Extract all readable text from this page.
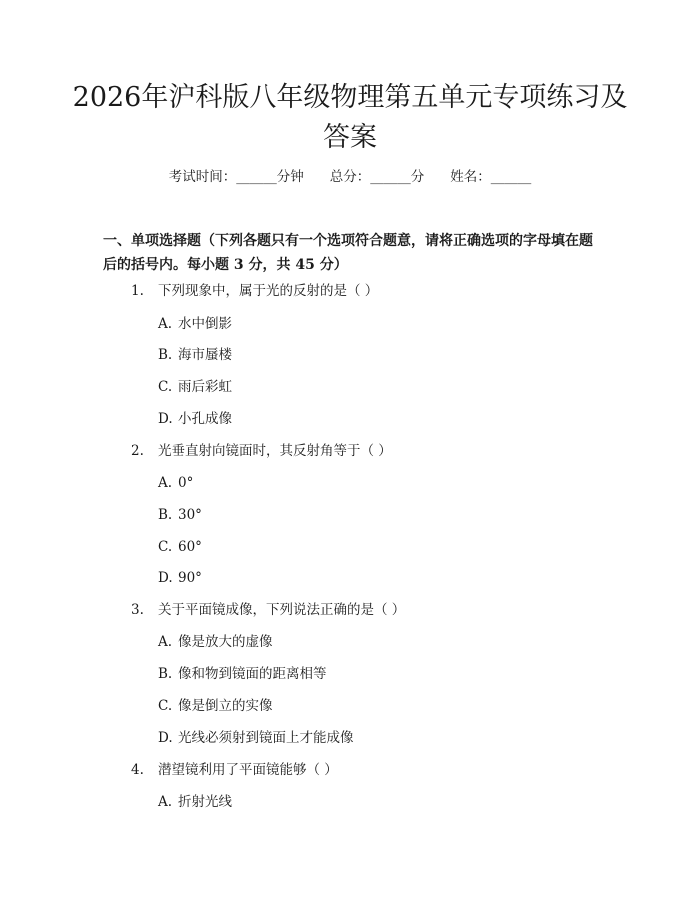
2026年沪科版八年级物理第五单元专项练习及答案
考试时间：______分钟 总分：______分 姓名：______

一、单项选择题（下列各题只有一个选项符合题意，请将正确选项的字母填在题后的括号内。每小题 3 分，共 45 分）

1. 下列现象中，属于光的反射的是（ ）
A. 水中倒影
B. 海市蜃楼
C. 雨后彩虹
D. 小孔成像
2. 光垂直射向镜面时，其反射角等于（ ）
A. 0°
B. 30°
C. 60°
D. 90°
3. 关于平面镜成像，下列说法正确的是（ ）
A. 像是放大的虚像
B. 像和物到镜面的距离相等
C. 像是倒立的实像
D. 光线必须射到镜面上才能成像
4. 潜望镜利用了平面镜能够（ ）
A. 折射光线
